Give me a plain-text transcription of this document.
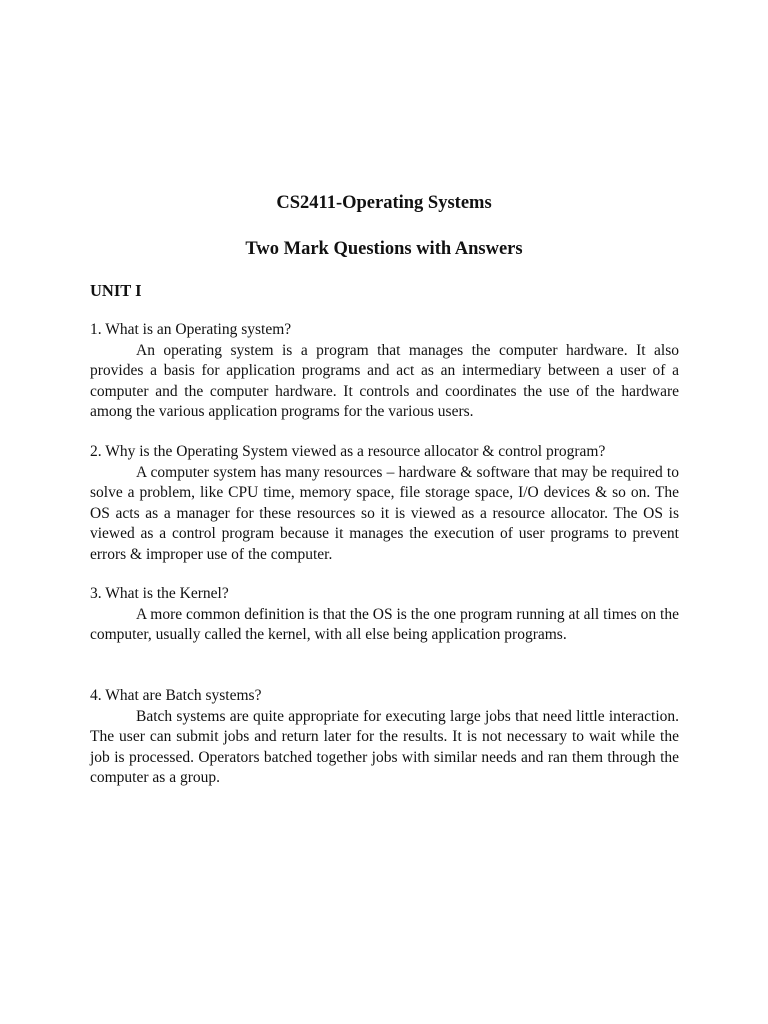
CS2411-Operating Systems
Two Mark Questions with Answers
UNIT I

1. What is an Operating system?

An operating system is a program that manages the computer hardware. It also provides a basis for application programs and act as an intermediary between a user of a computer and the computer hardware. It controls and coordinates the use of the hardware among the various application programs for the various users.

2. Why is the Operating System viewed as a resource allocator & control program?

A computer system has many resources – hardware & software that may be required to solve a problem, like CPU time, memory space, file storage space, I/O devices & so on. The OS acts as a manager for these resources so it is viewed as a resource allocator. The OS is viewed as a control program because it manages the execution of user programs to prevent errors & improper use of the computer.

3. What is the Kernel?

A more common definition is that the OS is the one program running at all times on the computer, usually called the kernel, with all else being application programs.

4. What are Batch systems?

Batch systems are quite appropriate for executing large jobs that need little interaction. The user can submit jobs and return later for the results. It is not necessary to wait while the job is processed. Operators batched together jobs with similar needs and ran them through the computer as a group.
